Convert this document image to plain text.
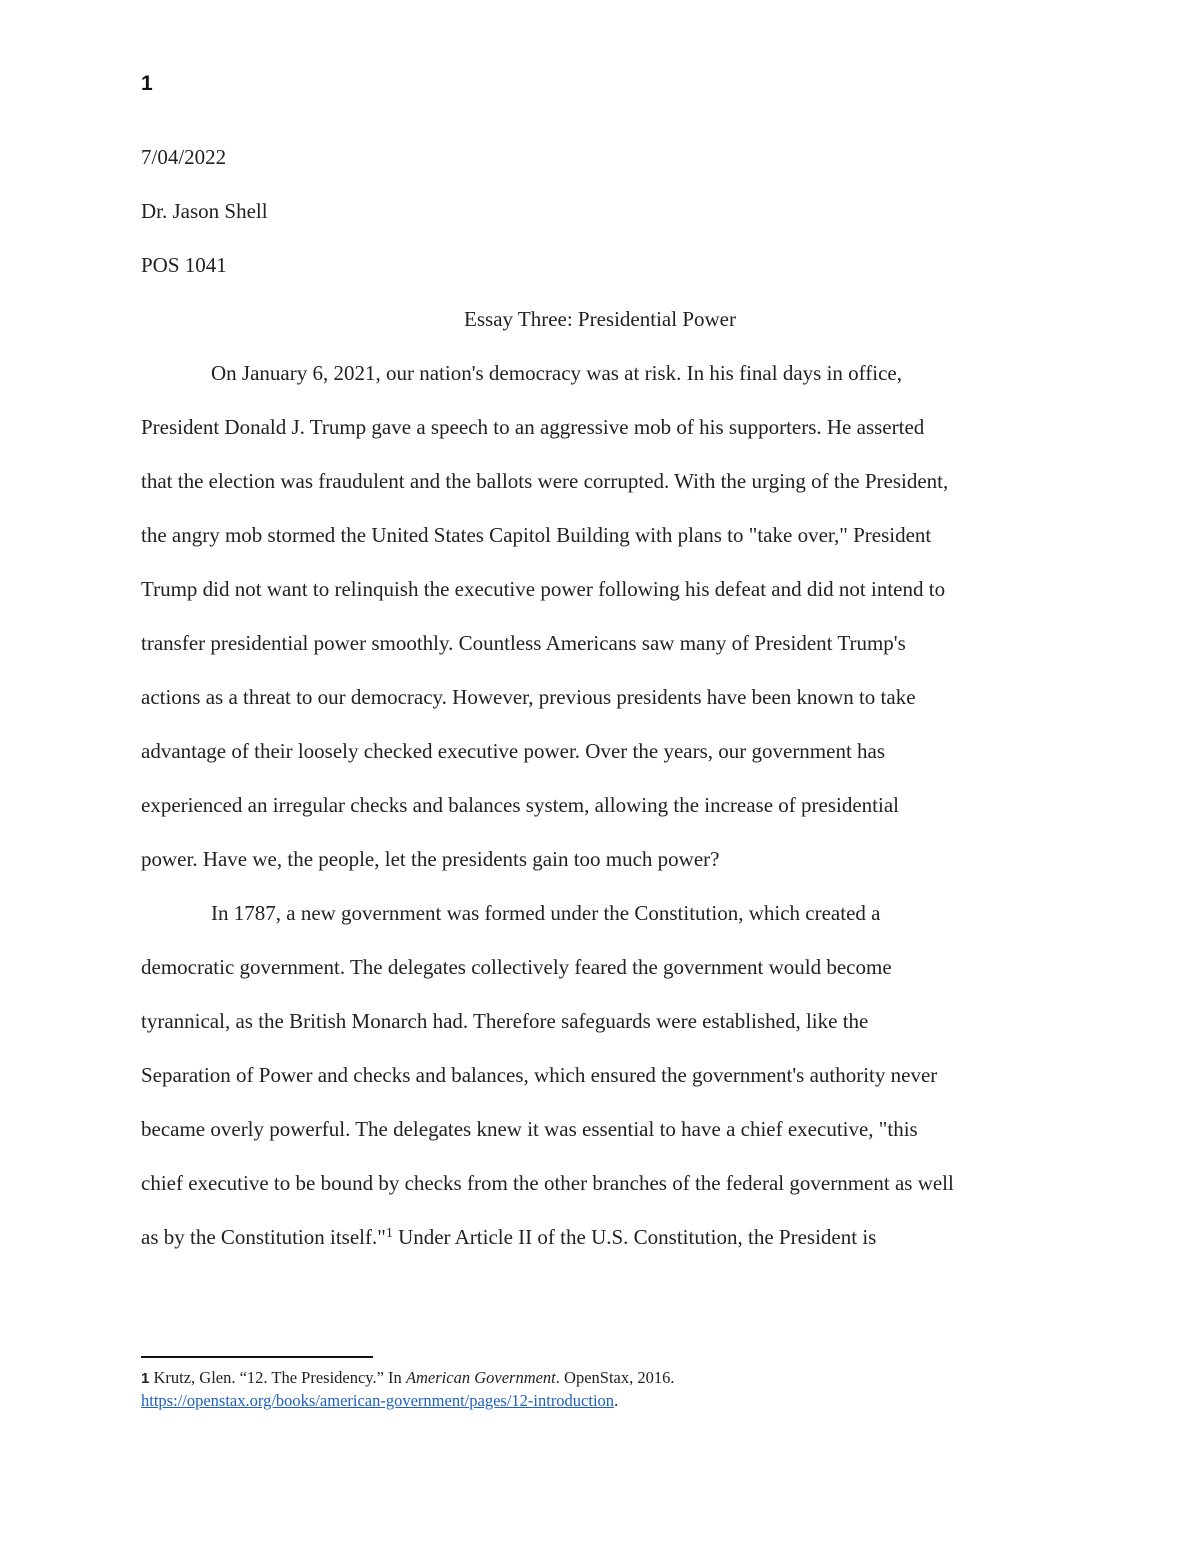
1
7/04/2022
Dr. Jason Shell
POS 1041
Essay Three: Presidential Power
On January 6, 2021, our nation's democracy was at risk. In his final days in office,
President Donald J. Trump gave a speech to an aggressive mob of his supporters. He asserted
that the election was fraudulent and the ballots were corrupted. With the urging of the President,
the angry mob stormed the United States Capitol Building with plans to "take over," President
Trump did not want to relinquish the executive power following his defeat and did not intend to
transfer presidential power smoothly. Countless Americans saw many of President Trump's
actions as a threat to our democracy. However, previous presidents have been known to take
advantage of their loosely checked executive power. Over the years, our government has
experienced an irregular checks and balances system, allowing the increase of presidential
power. Have we, the people, let the presidents gain too much power?
In 1787, a new government was formed under the Constitution, which created a
democratic government. The delegates collectively feared the government would become
tyrannical, as the British Monarch had. Therefore safeguards were established, like the
Separation of Power and checks and balances, which ensured the government's authority never
became overly powerful. The delegates knew it was essential to have a chief executive, "this
chief executive to be bound by checks from the other branches of the federal government as well
as by the Constitution itself."$^1$ Under Article II of the U.S. Constitution, the President is
1 Krutz, Glen. “12. The Presidency.” In American Government. OpenStax, 2016.
https://openstax.org/books/american-government/pages/12-introduction.
